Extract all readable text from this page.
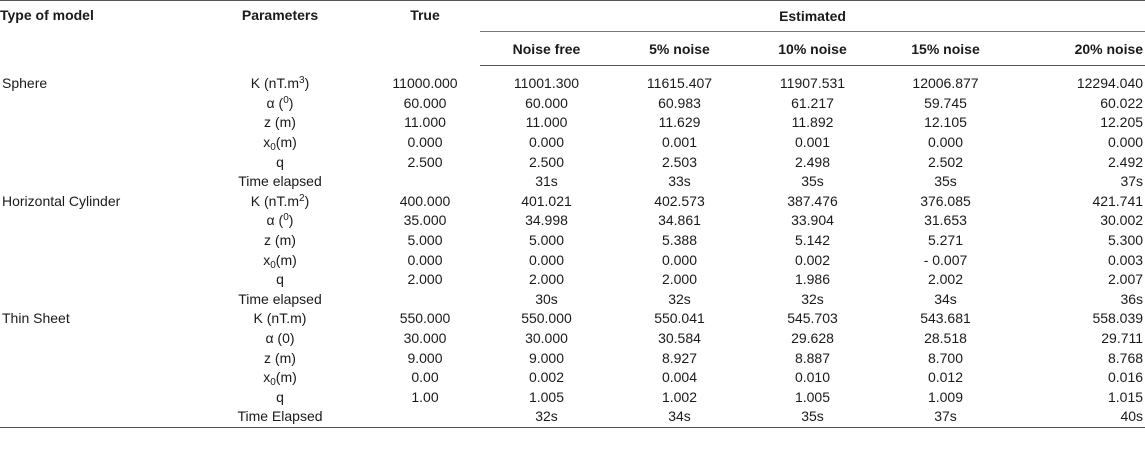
Type of model	Parameters	True	Estimated				
			Noise free	5% noise	10% noise	15% noise	20% noise
Sphere	K $(nT.m^3)$	11000.000	11001.300	11615.407	11907.531	12006.877	12294.040
	α ($^0$)	60.000	60.000	60.983	61.217	59.745	60.022
	z (m)	11.000	11.000	11.629	11.892	12.105	12.205
	$x_0(m)$	0.000	0.000	0.001	0.001	0.000	0.000
	q	2.500	2.500	2.503	2.498	2.502	2.492
	Time elapsed		31s	33s	35s	35s	37s
Horizontal Cylinder	K $(nT.m^2)$	400.000	401.021	402.573	387.476	376.085	421.741
	α ($^0$)	35.000	34.998	34.861	33.904	31.653	30.002
	z (m)	5.000	5.000	5.388	5.142	5.271	5.300
	$x_0(m)$	0.000	0.000	0.000	0.002	- 0.007	0.003
	q	2.000	2.000	2.000	1.986	2.002	2.007
	Time elapsed		30s	32s	32s	34s	36s
Thin Sheet	K (nT.m)	550.000	550.000	550.041	545.703	543.681	558.039
	α (0)	30.000	30.000	30.584	29.628	28.518	29.711
	z (m)	9.000	9.000	8.927	8.887	8.700	8.768
	$x_0(m)$	0.00	0.002	0.004	0.010	0.012	0.016
	q	1.00	1.005	1.002	1.005	1.009	1.015
	Time Elapsed		32s	34s	35s	37s	40s
